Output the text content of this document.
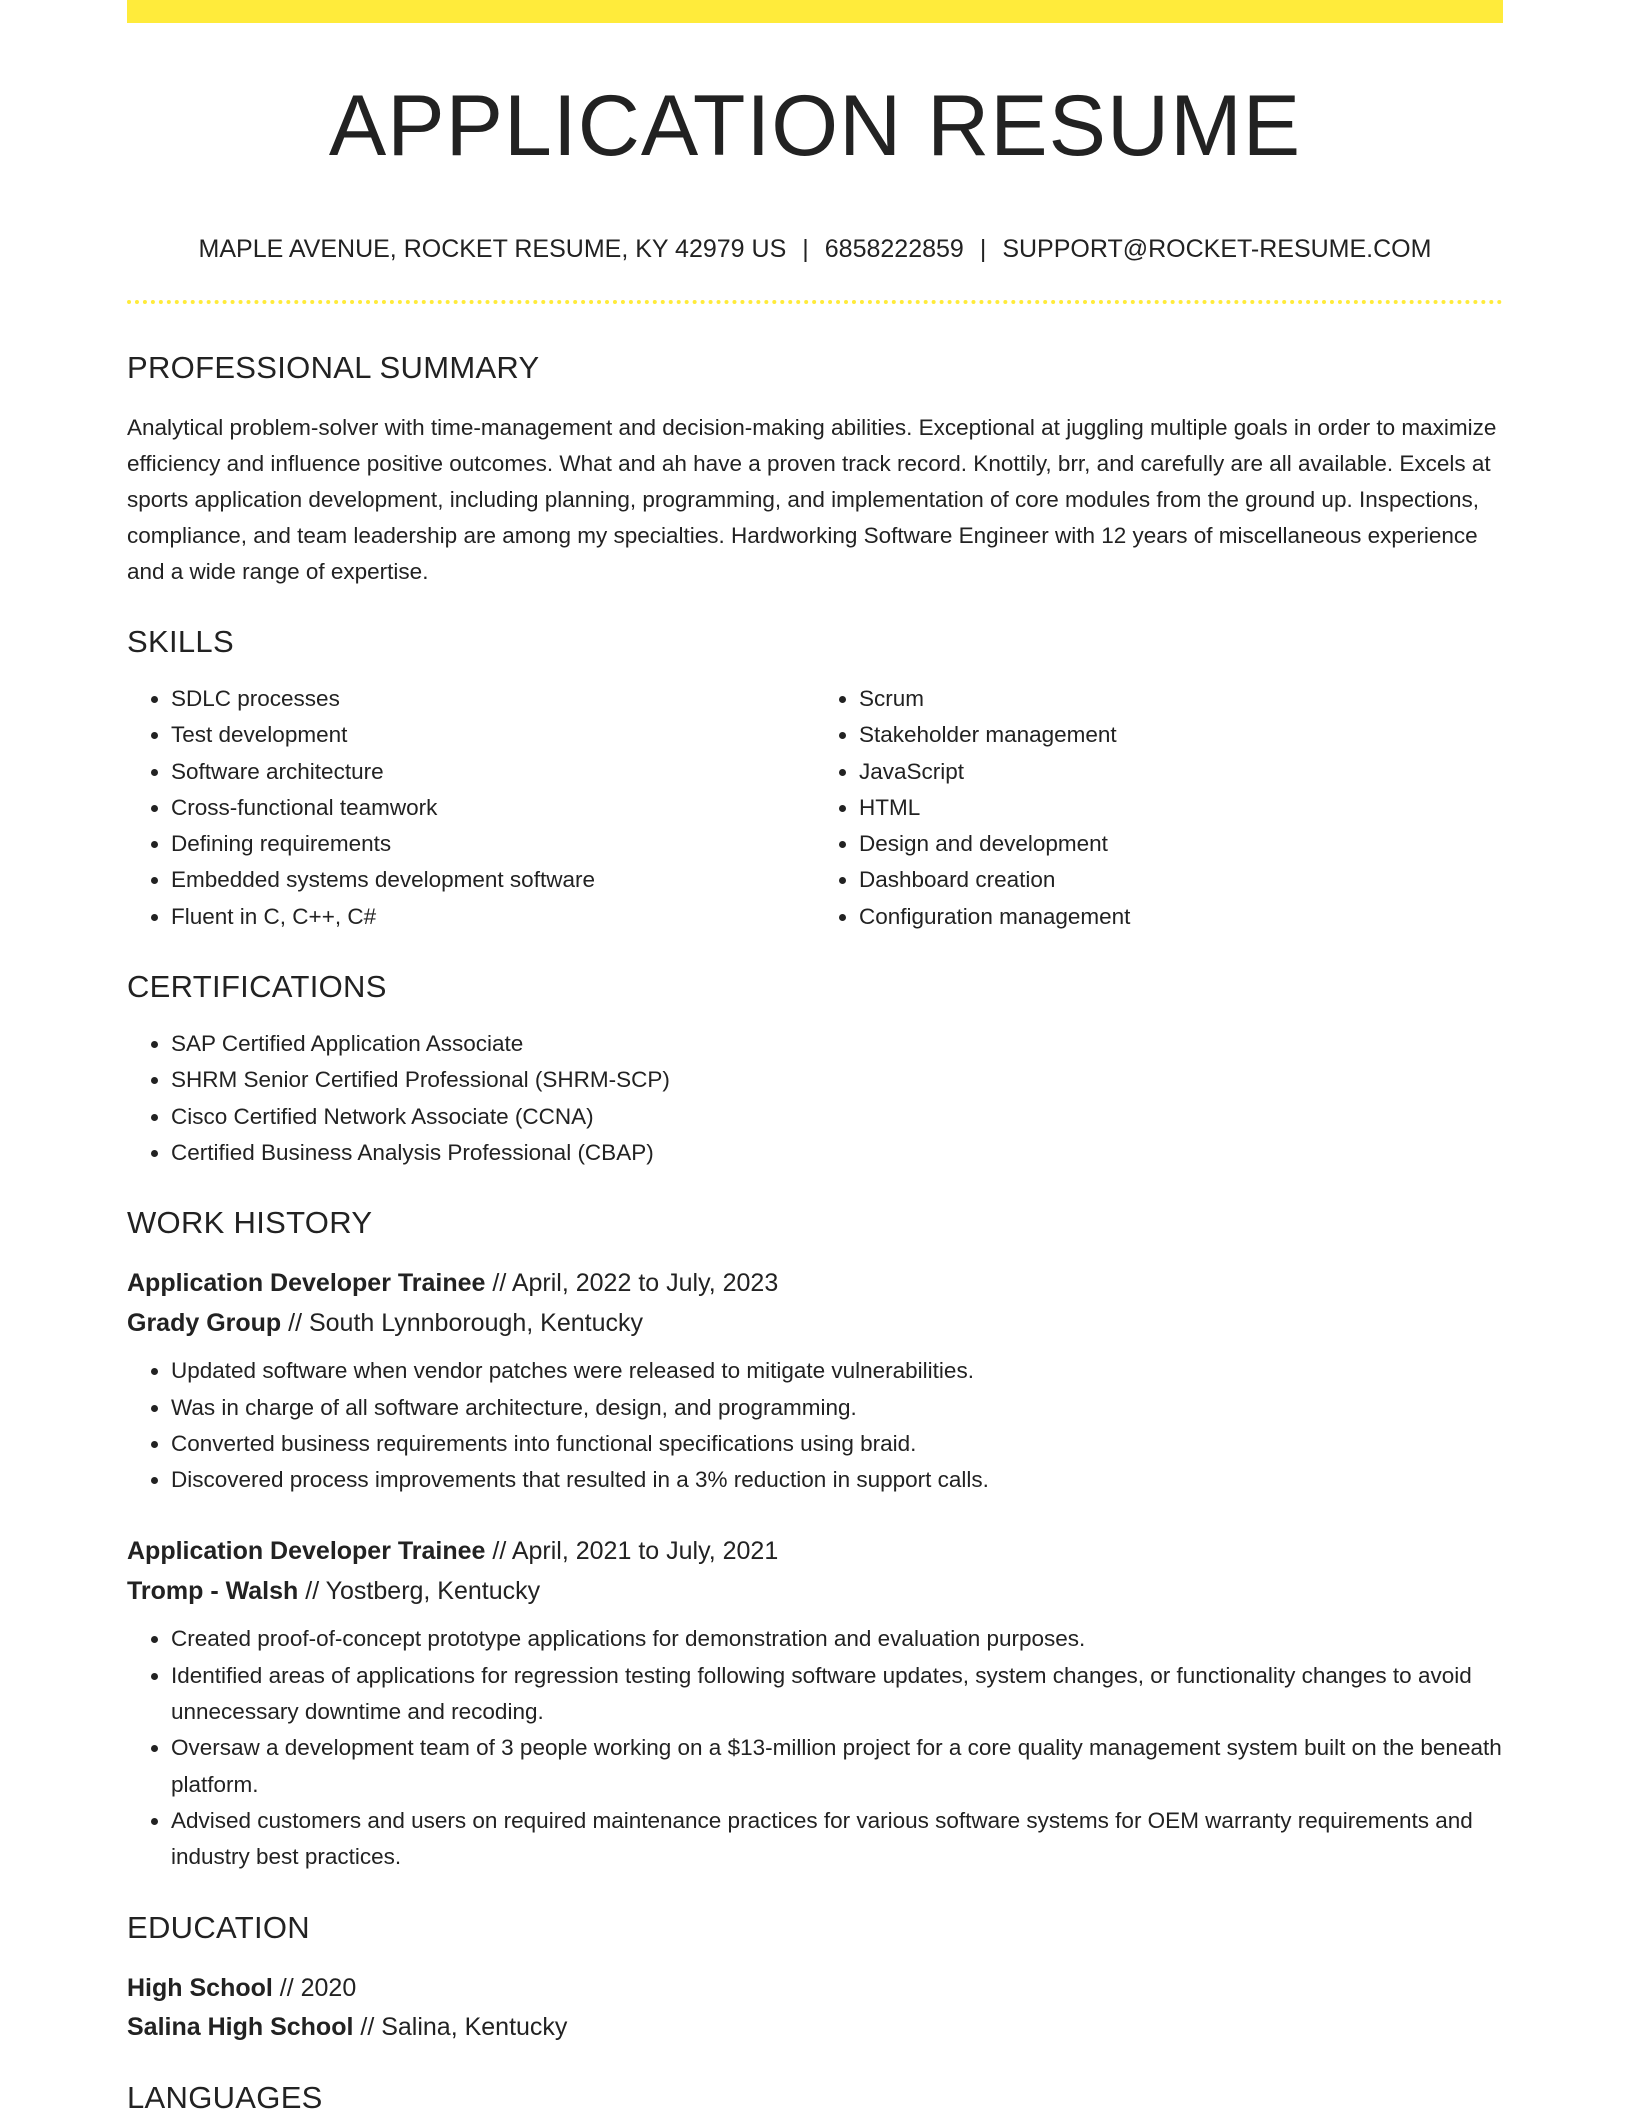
APPLICATION RESUME
MAPLE AVENUE, ROCKET RESUME, KY 42979 US | 6858222859 | SUPPORT@ROCKET-RESUME.COM
PROFESSIONAL SUMMARY
Analytical problem-solver with time-management and decision-making abilities. Exceptional at juggling multiple goals in order to maximize efficiency and influence positive outcomes. What and ah have a proven track record. Knottily, brr, and carefully are all available. Excels at sports application development, including planning, programming, and implementation of core modules from the ground up. Inspections, compliance, and team leadership are among my specialties. Hardworking Software Engineer with 12 years of miscellaneous experience and a wide range of expertise.
SKILLS
• SDLC processes
• Test development
• Software architecture
• Cross-functional teamwork
• Defining requirements
• Embedded systems development software
• Fluent in C, C++, C#
• Scrum
• Stakeholder management
• JavaScript
• HTML
• Design and development
• Dashboard creation
• Configuration management
CERTIFICATIONS
• SAP Certified Application Associate
• SHRM Senior Certified Professional (SHRM-SCP)
• Cisco Certified Network Associate (CCNA)
• Certified Business Analysis Professional (CBAP)
WORK HISTORY
Application Developer Trainee // April, 2022 to July, 2023
Grady Group // South Lynnborough, Kentucky
• Updated software when vendor patches were released to mitigate vulnerabilities.
• Was in charge of all software architecture, design, and programming.
• Converted business requirements into functional specifications using braid.
• Discovered process improvements that resulted in a 3% reduction in support calls.
Application Developer Trainee // April, 2021 to July, 2021
Tromp - Walsh // Yostberg, Kentucky
• Created proof-of-concept prototype applications for demonstration and evaluation purposes.
• Identified areas of applications for regression testing following software updates, system changes, or functionality changes to avoid unnecessary downtime and recoding.
• Oversaw a development team of 3 people working on a $13-million project for a core quality management system built on the beneath platform.
• Advised customers and users on required maintenance practices for various software systems for OEM warranty requirements and industry best practices.
EDUCATION
High School // 2020
Salina High School // Salina, Kentucky
LANGUAGES
